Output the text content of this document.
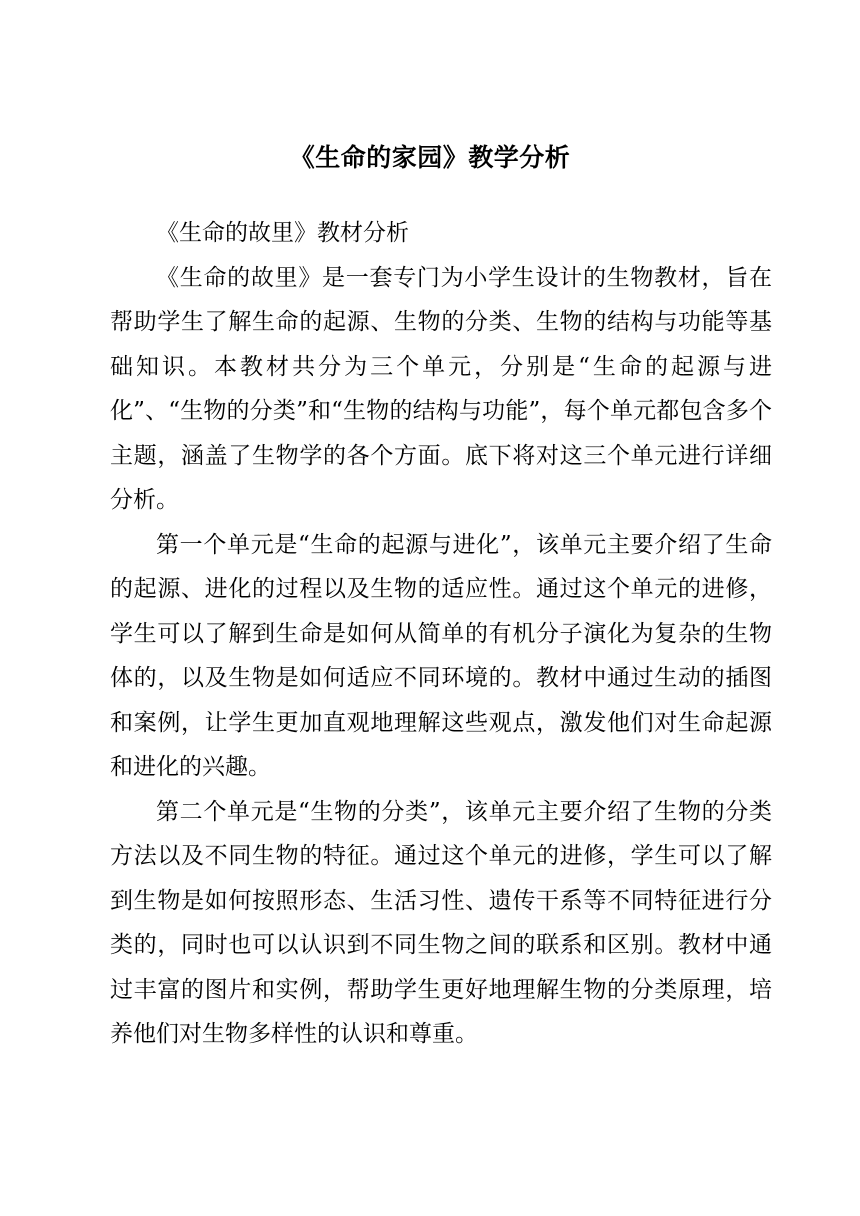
《生命的家园》教学分析

《生命的故里》教材分析

《生命的故里》是一套专门为小学生设计的生物教材，旨在帮助学生了解生命的起源、生物的分类、生物的结构与功能等基础知识。本教材共分为三个单元，分别是“生命的起源与进化”、“生物的分类”和“生物的结构与功能”，每个单元都包含多个主题，涵盖了生物学的各个方面。底下将对这三个单元进行详细分析。

第一个单元是“生命的起源与进化”，该单元主要介绍了生命的起源、进化的过程以及生物的适应性。通过这个单元的进修，学生可以了解到生命是如何从简单的有机分子演化为复杂的生物体的，以及生物是如何适应不同环境的。教材中通过生动的插图和案例，让学生更加直观地理解这些观点，激发他们对生命起源和进化的兴趣。

第二个单元是“生物的分类”，该单元主要介绍了生物的分类方法以及不同生物的特征。通过这个单元的进修，学生可以了解到生物是如何按照形态、生活习性、遗传干系等不同特征进行分类的，同时也可以认识到不同生物之间的联系和区别。教材中通过丰富的图片和实例，帮助学生更好地理解生物的分类原理，培养他们对生物多样性的认识和尊重。
